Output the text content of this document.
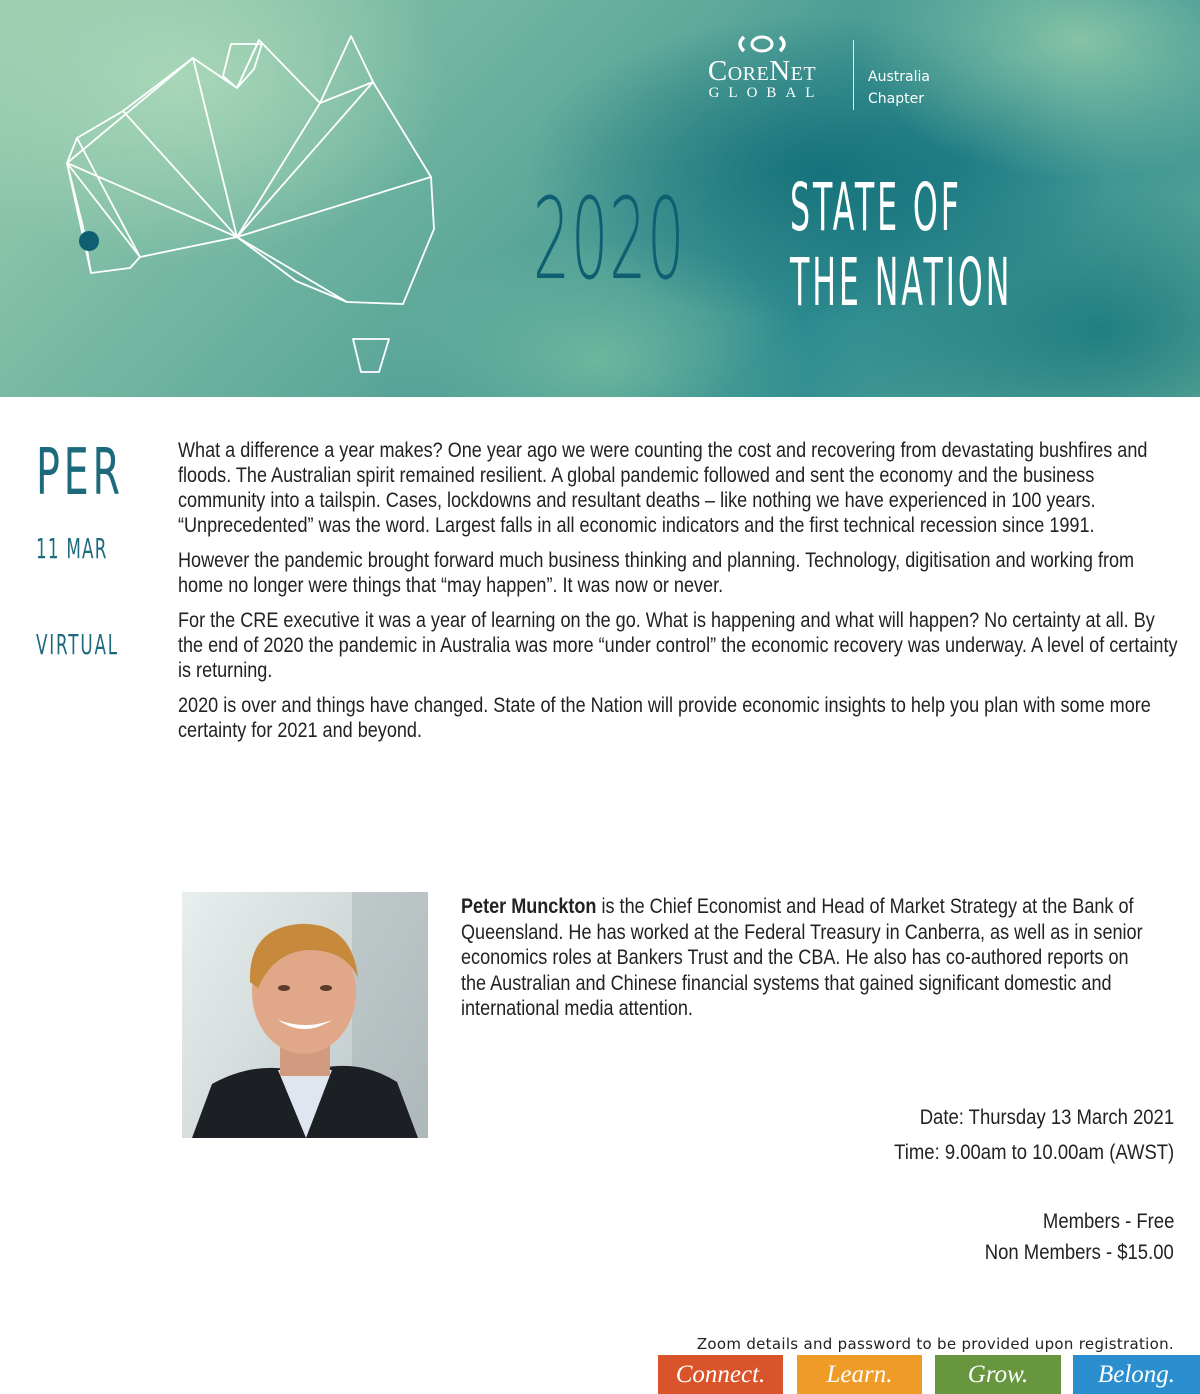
CoreNet
GLOBAL
Australia
Chapter
2020 STATE OF
THE NATION
PER
11 MAR
VIRTUAL

What a difference a year makes? One year ago we were counting the cost and recovering from devastating bushfires and floods. The Australian spirit remained resilient. A global pandemic followed and sent the economy and the business community into a tailspin. Cases, lockdowns and resultant deaths – like nothing we have experienced in 100 years. “Unprecedented” was the word. Largest falls in all economic indicators and the first technical recession since 1991.

However the pandemic brought forward much business thinking and planning. Technology, digitisation and working from home no longer were things that “may happen”. It was now or never.

For the CRE executive it was a year of learning on the go. What is happening and what will happen? No certainty at all. By the end of 2020 the pandemic in Australia was more “under control” the economic recovery was underway. A level of certainty is returning.

2020 is over and things have changed. State of the Nation will provide economic insights to help you plan with some more certainty for 2021 and beyond.

Peter Munckton is the Chief Economist and Head of Market Strategy at the Bank of Queensland. He has worked at the Federal Treasury in Canberra, as well as in senior economics roles at Bankers Trust and the CBA. He also has co-authored reports on the Australian and Chinese financial systems that gained significant domestic and international media attention.
Date: Thursday 13 March 2021
Time: 9.00am to 10.00am (AWST)
Members - Free
Non Members - $15.00
Zoom details and password to be provided upon registration.
Connect.	Learn.	Grow.	Belong.
